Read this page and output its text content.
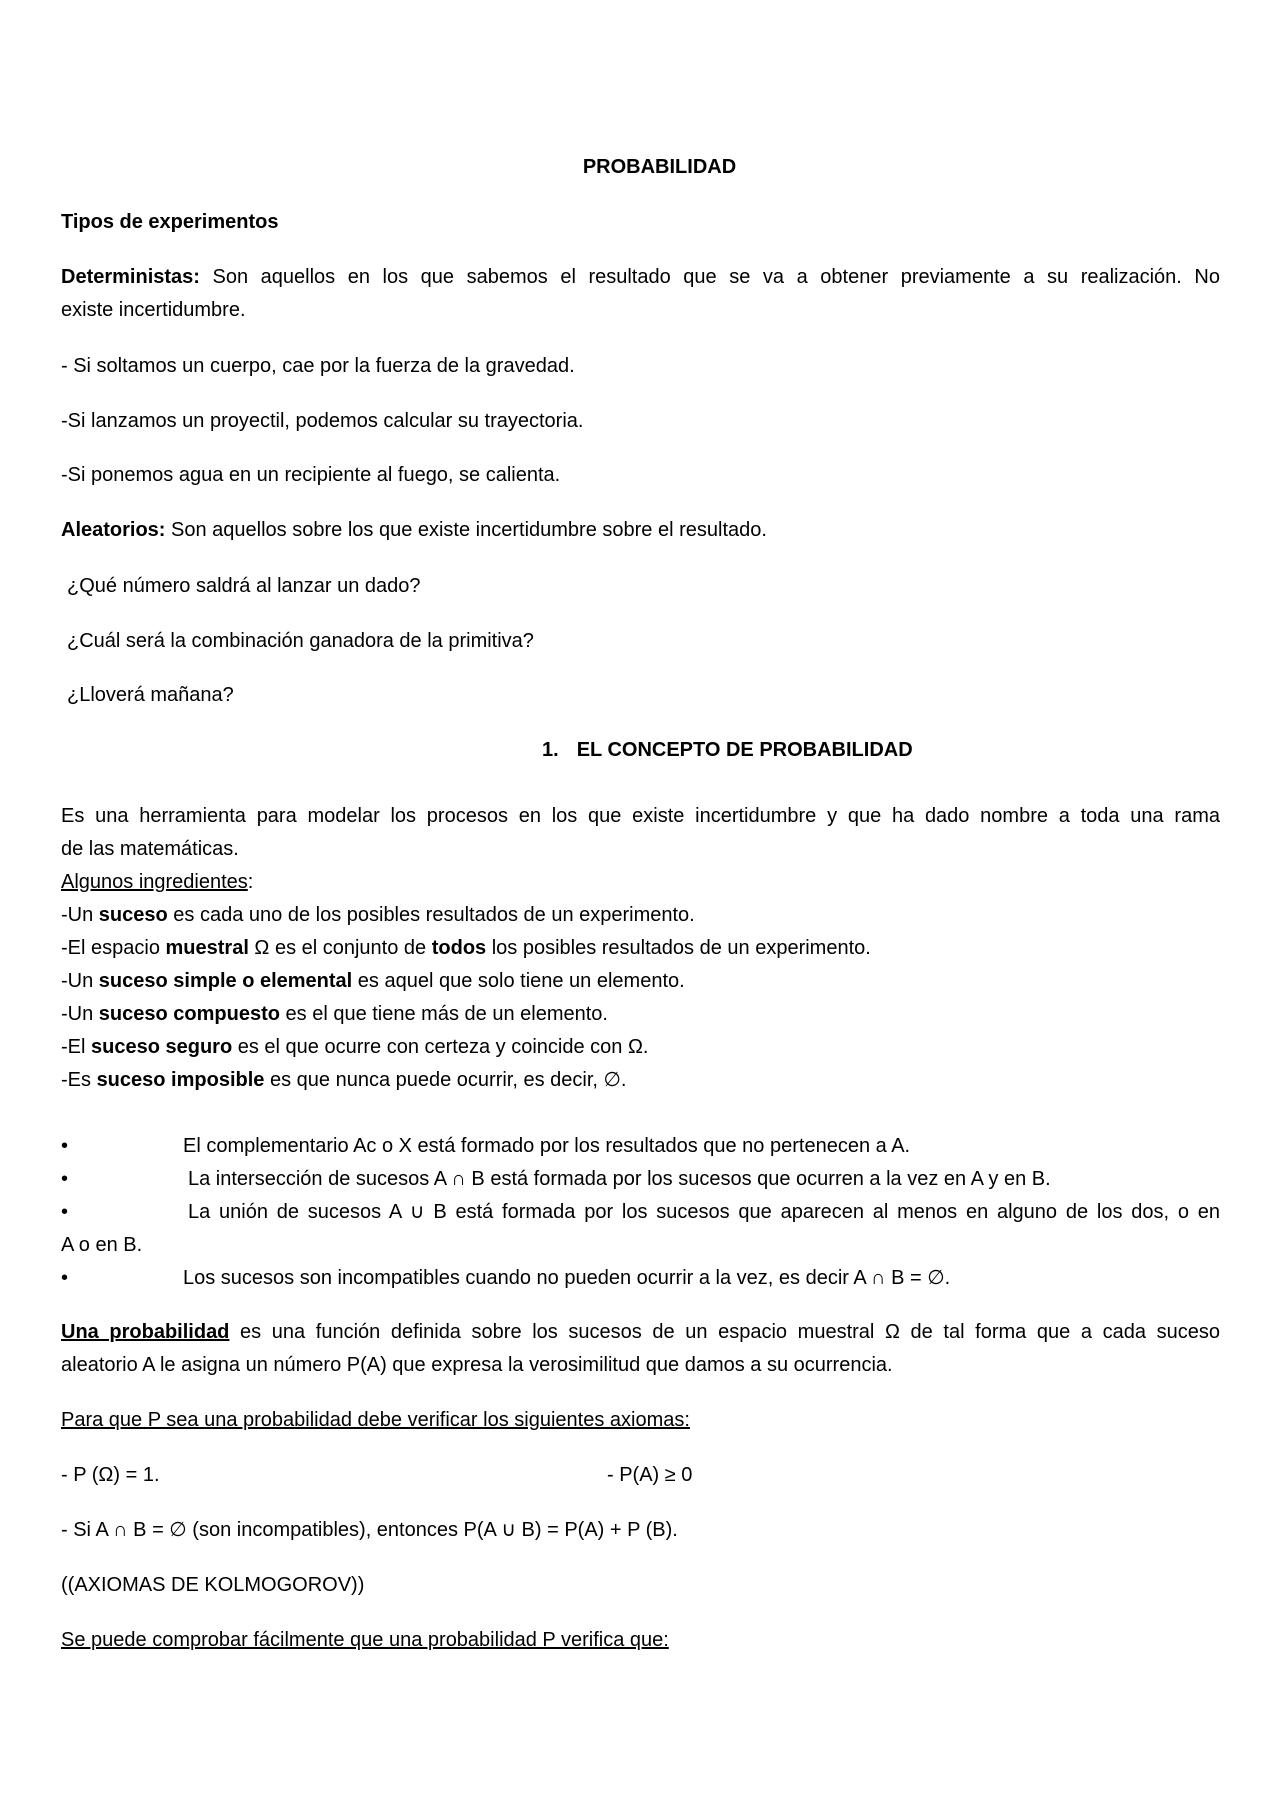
PROBABILIDAD
Tipos de experimentos
Deterministas: Son aquellos en los que sabemos el resultado que se va a obtener previamente a su realización. No
existe incertidumbre.
- Si soltamos un cuerpo, cae por la fuerza de la gravedad.
-Si lanzamos un proyectil, podemos calcular su trayectoria.
-Si ponemos agua en un recipiente al fuego, se calienta.
Aleatorios: Son aquellos sobre los que existe incertidumbre sobre el resultado.
¿Qué número saldrá al lanzar un dado?
¿Cuál será la combinación ganadora de la primitiva?
¿Lloverá mañana?
1. EL CONCEPTO DE PROBABILIDAD
Es una herramienta para modelar los procesos en los que existe incertidumbre y que ha dado nombre a toda una rama
de las matemáticas.
Algunos ingredientes:
-Un suceso es cada uno de los posibles resultados de un experimento.
-El espacio muestral Ω es el conjunto de todos los posibles resultados de un experimento.
-Un suceso simple o elemental es aquel que solo tiene un elemento.
-Un suceso compuesto es el que tiene más de un elemento.
-El suceso seguro es el que ocurre con certeza y coincide con Ω.
-Es suceso imposible es que nunca puede ocurrir, es decir, ∅.
•	El complementario Ac o X está formado por los resultados que no pertenecen a A.
•	La intersección de sucesos A ∩ B está formada por los sucesos que ocurren a la vez en A y en B.
•	La unión de sucesos A ∪ B está formada por los sucesos que aparecen al menos en alguno de los dos, o en
A o en B.
•	Los sucesos son incompatibles cuando no pueden ocurrir a la vez, es decir A ∩ B = ∅.
Una probabilidad es una función definida sobre los sucesos de un espacio muestral Ω de tal forma que a cada suceso
aleatorio A le asigna un número P(A) que expresa la verosimilitud que damos a su ocurrencia.
Para que P sea una probabilidad debe verificar los siguientes axiomas:
- P (Ω) = 1.	- P(A) ≥ 0
- Si A ∩ B = ∅ (son incompatibles), entonces P(A ∪ B) = P(A) + P (B).
((AXIOMAS DE KOLMOGOROV))
Se puede comprobar fácilmente que una probabilidad P verifica que:
